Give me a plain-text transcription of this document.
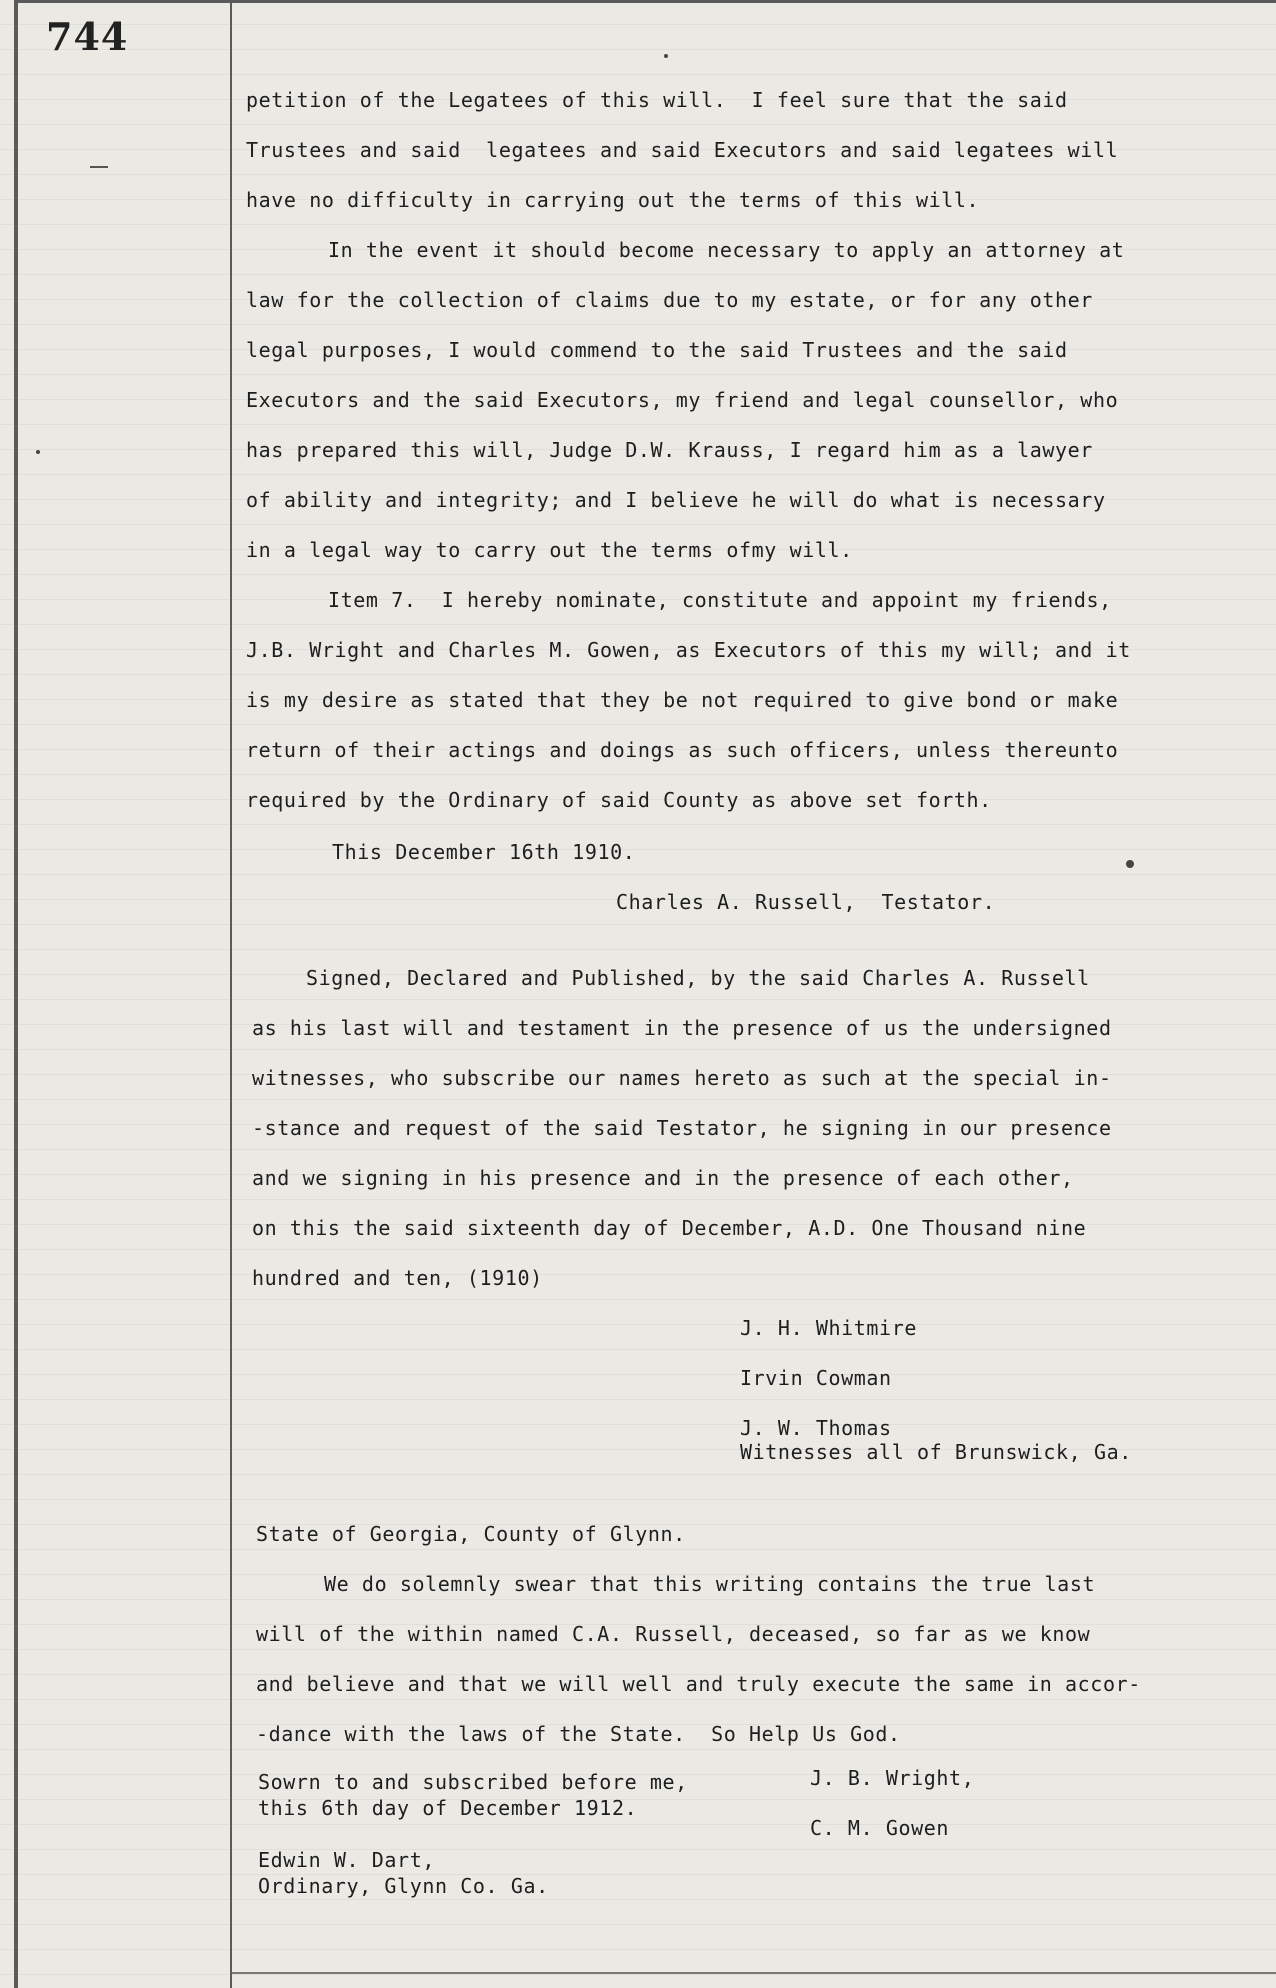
744
petition of the Legatees of this will.  I feel sure that the said
Trustees and said  legatees and said Executors and said legatees will
have no difficulty in carrying out the terms of this will.
In the event it should become necessary to apply an attorney at
law for the collection of claims due to my estate, or for any other
legal purposes, I would commend to the said Trustees and the said
Executors and the said Executors, my friend and legal counsellor, who
has prepared this will, Judge D.W. Krauss, I regard him as a lawyer
of ability and integrity; and I believe he will do what is necessary
in a legal way to carry out the terms ofmy will.
Item 7.  I hereby nominate, constitute and appoint my friends,
J.B. Wright and Charles M. Gowen, as Executors of this my will; and it
is my desire as stated that they be not required to give bond or make
return of their actings and doings as such officers, unless thereunto
required by the Ordinary of said County as above set forth.
This December 16th 1910.
Charles A. Russell,  Testator.
Signed, Declared and Published, by the said Charles A. Russell
as his last will and testament in the presence of us the undersigned
witnesses, who subscribe our names hereto as such at the special in-
-stance and request of the said Testator, he signing in our presence
and we signing in his presence and in the presence of each other,
on this the said sixteenth day of December, A.D. One Thousand nine
hundred and ten, (1910)
J. H. Whitmire
Irvin Cowman
J. W. Thomas
Witnesses all of Brunswick, Ga.
State of Georgia, County of Glynn.
We do solemnly swear that this writing contains the true last
will of the within named C.A. Russell, deceased, so far as we know
and believe and that we will well and truly execute the same in accor-
-dance with the laws of the State.  So Help Us God.
Sowrn to and subscribed before me,
this 6th day of December 1912.
J. B. Wright,
C. M. Gowen
Edwin W. Dart,
Ordinary, Glynn Co. Ga.
